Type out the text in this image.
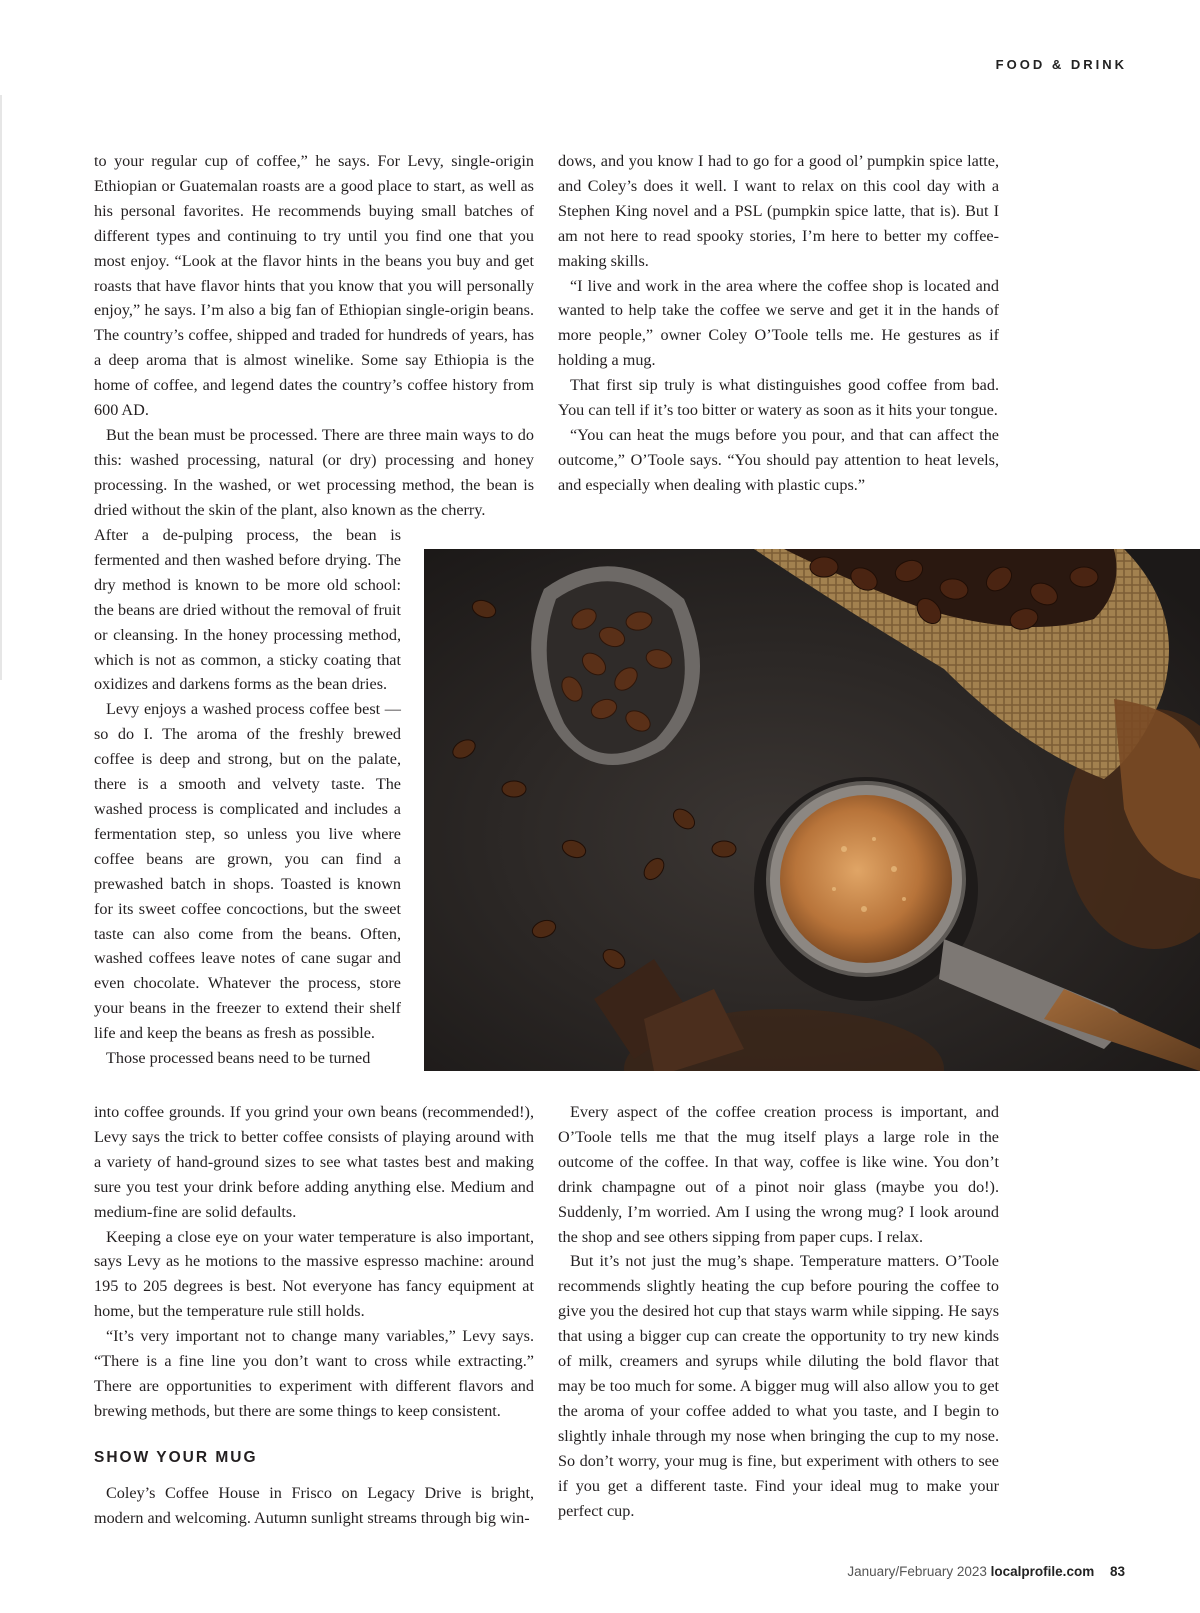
FOOD & DRINK

to your regular cup of coffee,” he says. For Levy, single-origin Ethiopian or Guatemalan roasts are a good place to start, as well as his personal favorites. He recommends buying small batches of different types and continuing to try until you find one that you most enjoy. “Look at the flavor hints in the beans you buy and get roasts that have flavor hints that you know that you will personally enjoy,” he says. I’m also a big fan of Ethiopian single-origin beans. The country’s coffee, shipped and traded for hundreds of years, has a deep aroma that is almost winelike. Some say Ethiopia is the home of coffee, and legend dates the country’s coffee history from 600 AD.

But the bean must be processed. There are three main ways to do this: washed processing, natural (or dry) processing and honey processing. In the washed, or wet processing method, the bean is dried without the skin of the plant, also known as the cherry.

After a de-pulping process, the bean is fermented and then washed before drying. The dry method is known to be more old school: the beans are dried without the removal of fruit or cleansing. In the honey processing method, which is not as common, a sticky coating that oxidizes and darkens forms as the bean dries.

Levy enjoys a washed process coffee best — so do I. The aroma of the freshly brewed coffee is deep and strong, but on the palate, there is a smooth and velvety taste. The washed process is complicated and includes a fermentation step, so unless you live where coffee beans are grown, you can find a prewashed batch in shops. Toasted is known for its sweet coffee concoctions, but the sweet taste can also come from the beans. Often, washed coffees leave notes of cane sugar and even chocolate. Whatever the process, store your beans in the freezer to extend their shelf life and keep the beans as fresh as possible.

Those processed beans need to be turned

into coffee grounds. If you grind your own beans (recommended!), Levy says the trick to better coffee consists of playing around with a variety of hand-ground sizes to see what tastes best and making sure you test your drink before adding anything else. Medium and medium-fine are solid defaults.

Keeping a close eye on your water temperature is also important, says Levy as he motions to the massive espresso machine: around 195 to 205 degrees is best. Not everyone has fancy equipment at home, but the temperature rule still holds.

“It’s very important not to change many variables,” Levy says. “There is a fine line you don’t want to cross while extracting.” There are opportunities to experiment with different flavors and brewing methods, but there are some things to keep consistent.

SHOW YOUR MUG

Coley’s Coffee House in Frisco on Legacy Drive is bright, modern and welcoming. Autumn sunlight streams through big win-

dows, and you know I had to go for a good ol’ pumpkin spice latte, and Coley’s does it well. I want to relax on this cool day with a Stephen King novel and a PSL (pumpkin spice latte, that is). But I am not here to read spooky stories, I’m here to better my coffee-making skills.

“I live and work in the area where the coffee shop is located and wanted to help take the coffee we serve and get it in the hands of more people,” owner Coley O’Toole tells me. He gestures as if holding a mug.

That first sip truly is what distinguishes good coffee from bad. You can tell if it’s too bitter or watery as soon as it hits your tongue.

“You can heat the mugs before you pour, and that can affect the outcome,” O’Toole says. “You should pay attention to heat levels, and especially when dealing with plastic cups.”

Every aspect of the coffee creation process is important, and O’Toole tells me that the mug itself plays a large role in the outcome of the coffee. In that way, coffee is like wine. You don’t drink champagne out of a pinot noir glass (maybe you do!). Suddenly, I’m worried. Am I using the wrong mug? I look around the shop and see others sipping from paper cups. I relax.

But it’s not just the mug’s shape. Temperature matters. O’Toole recommends slightly heating the cup before pouring the coffee to give you the desired hot cup that stays warm while sipping. He says that using a bigger cup can create the opportunity to try new kinds of milk, creamers and syrups while diluting the bold flavor that may be too much for some. A bigger mug will also allow you to get the aroma of your coffee added to what you taste, and I begin to slightly inhale through my nose when bringing the cup to my nose. So don’t worry, your mug is fine, but experiment with others to see if you get a different taste. Find your ideal mug to make your perfect cup.

January/February 2023 localprofile.com 83
